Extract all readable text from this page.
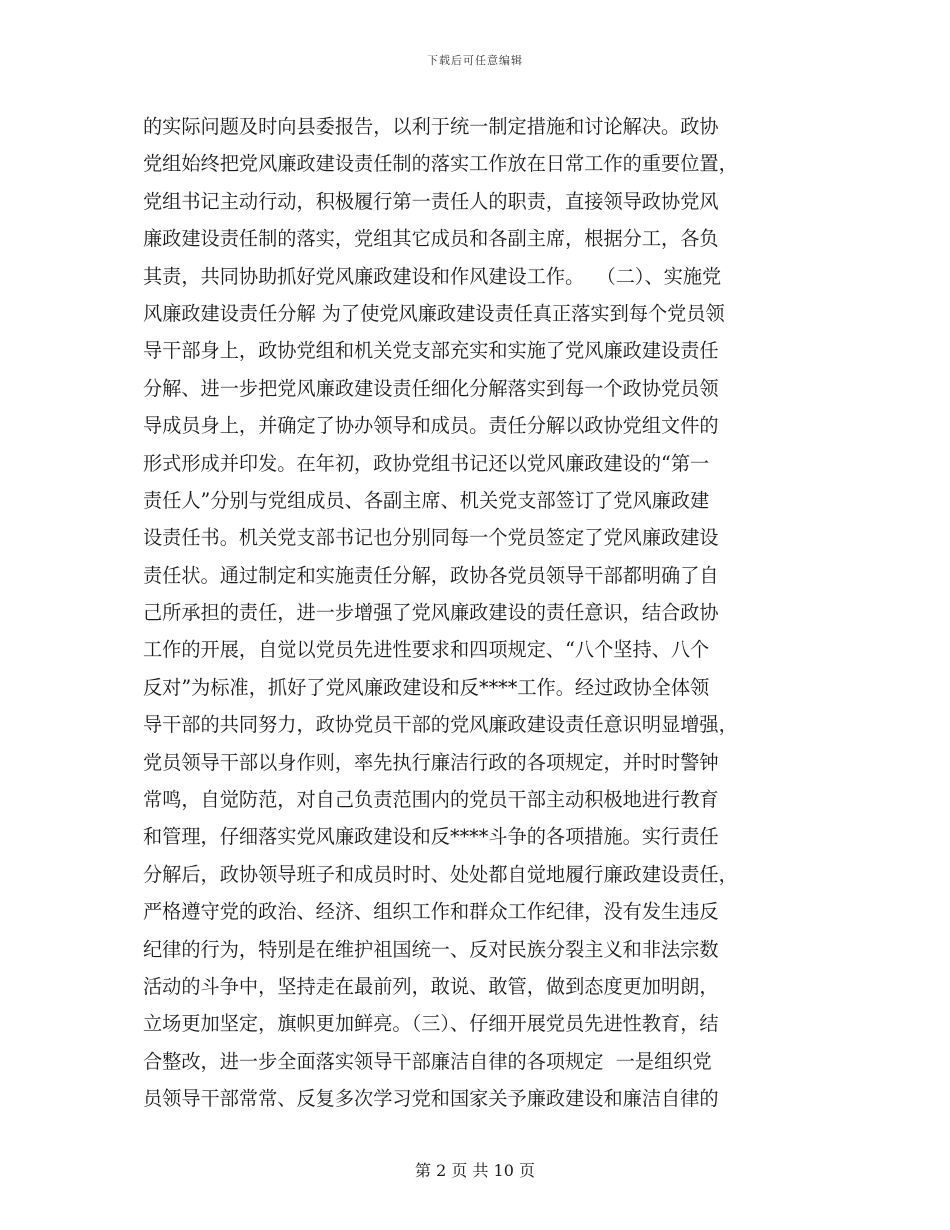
下载后可任意编辑
的实际问题及时向县委报告，以利于统一制定措施和讨论解决。政协
党组始终把党风廉政建设责任制的落实工作放在日常工作的重要位置，
党组书记主动行动，积极履行第一责任人的职责，直接领导政协党风
廉政建设责任制的落实，党组其它成员和各副主席，根据分工，各负
其责，共同协助抓好党风廉政建设和作风建设工作。  （二）、实施党
风廉政建设责任分解 为了使党风廉政建设责任真正落实到每个党员领
导干部身上，政协党组和机关党支部充实和实施了党风廉政建设责任
分解、进一步把党风廉政建设责任细化分解落实到每一个政协党员领
导成员身上，并确定了协办领导和成员。责任分解以政协党组文件的
形式形成并印发。在年初，政协党组书记还以党风廉政建设的“第一
责任人”分别与党组成员、各副主席、机关党支部签订了党风廉政建
设责任书。机关党支部书记也分别同每一个党员签定了党风廉政建设
责任状。通过制定和实施责任分解，政协各党员领导干部都明确了自
己所承担的责任，进一步增强了党风廉政建设的责任意识，结合政协
工作的开展，自觉以党员先进性要求和四项规定、“八个坚持、八个
反对”为标准，抓好了党风廉政建设和反****工作。经过政协全体领
导干部的共同努力，政协党员干部的党风廉政建设责任意识明显增强，
党员领导干部以身作则，率先执行廉洁行政的各项规定，并时时警钟
常鸣，自觉防范，对自己负责范围内的党员干部主动积极地进行教育
和管理，仔细落实党风廉政建设和反****斗争的各项措施。实行责任
分解后，政协领导班子和成员时时、处处都自觉地履行廉政建设责任，
严格遵守党的政治、经济、组织工作和群众工作纪律，没有发生违反
纪律的行为，特别是在维护祖国统一、反对民族分裂主义和非法宗数
活动的斗争中，坚持走在最前列，敢说、敢管，做到态度更加明朗，
立场更加坚定，旗帜更加鲜亮。（三）、仔细开展党员先进性教育，结
合整改，进一步全面落实领导干部廉洁自律的各项规定  一是组织党
员领导干部常常、反复多次学习党和国家关予廉政建设和廉洁自律的
第 2 页 共 10 页
